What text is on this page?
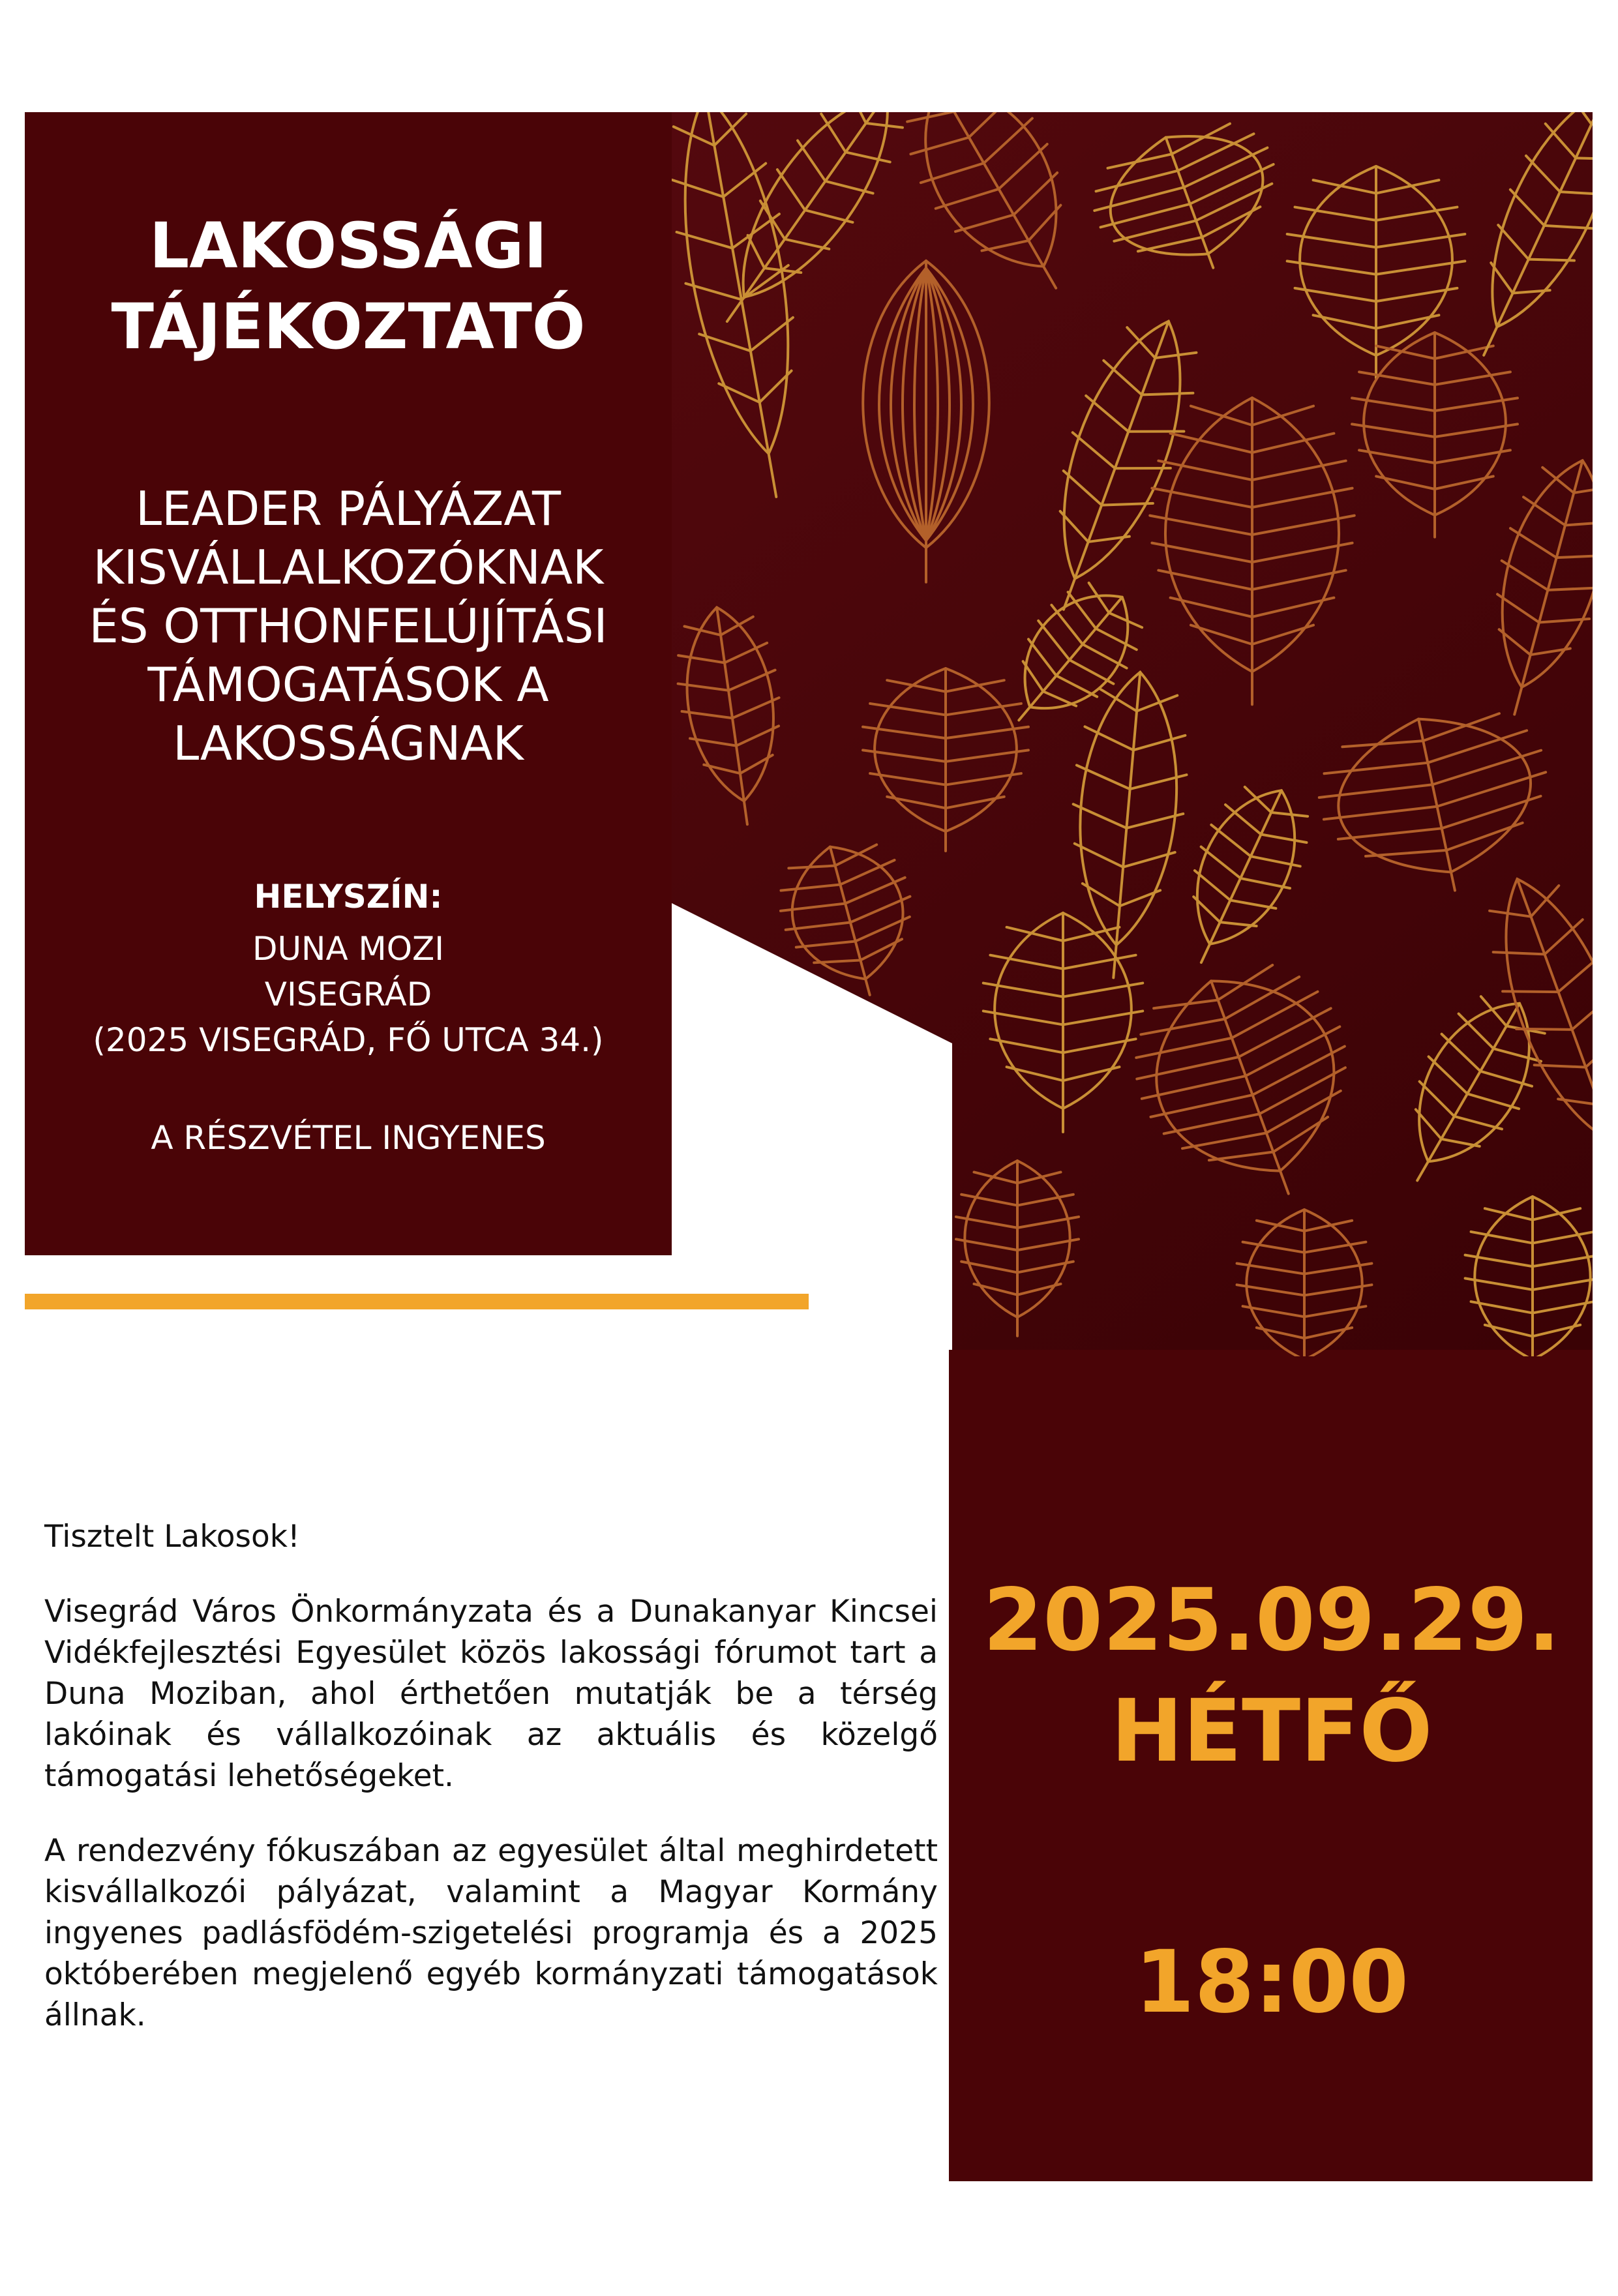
LAKOSSÁGI
TÁJÉKOZTATÓ
LEADER PÁLYÁZAT
KISVÁLLALKOZÓKNAK
ÉS OTTHONFELÚJÍTÁSI
TÁMOGATÁSOK A
LAKOSSÁGNAK
HELYSZÍN:
DUNA MOZI
VISEGRÁD
(2025 VISEGRÁD, FŐ UTCA 34.)
A RÉSZVÉTEL INGYENES

Tisztelt Lakosok!

Visegrád Város Önkormányzata és a Dunakanyar Kincsei Vidékfejlesztési Egyesület közös lakossági fórumot tart a Duna Moziban, ahol érthetően mutatják be a térség lakóinak és vállalkozóinak az aktuális és közelgő támogatási lehetőségeket.

A rendezvény fókuszában az egyesület által meghirdetett kisvállalkozói pályázat, valamint a Magyar Kormány ingyenes padlásfödém-szigetelési programja és a 2025 októberében megjelenő egyéb kormányzati támogatások állnak.

2025.09.29.
HÉTFŐ
18:00
